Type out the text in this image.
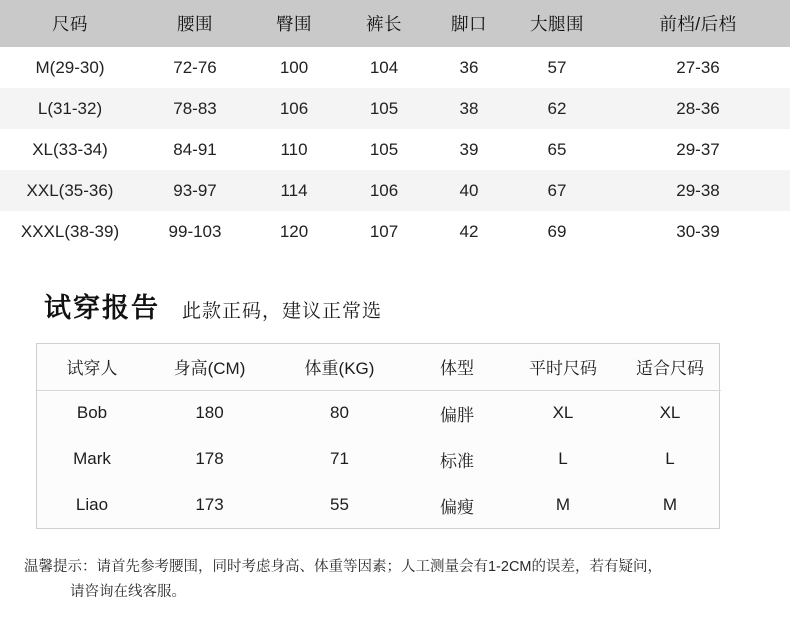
尺码	腰围	臀围	裤长	脚口	大腿围	前档/后档
M(29-30)	72-76	100	104	36	57	27-36
L(31-32)	78-83	106	105	38	62	28-36
XL(33-34)	84-91	110	105	39	65	29-37
XXL(35-36)	93-97	114	106	40	67	29-38
XXXL(38-39)	99-103	120	107	42	69	30-39
试穿报告 此款正码，建议正常选
试穿人	身高(CM)	体重(KG)	体型	平时尺码	适合尺码
Bob	180	80	偏胖	XL	XL
Mark	178	71	标准	L	L
Liao	173	55	偏瘦	M	M
温馨提示：请首先参考腰围，同时考虑身高、体重等因素；人工测量会有1-2CM的误差，若有疑问，
请咨询在线客服。
